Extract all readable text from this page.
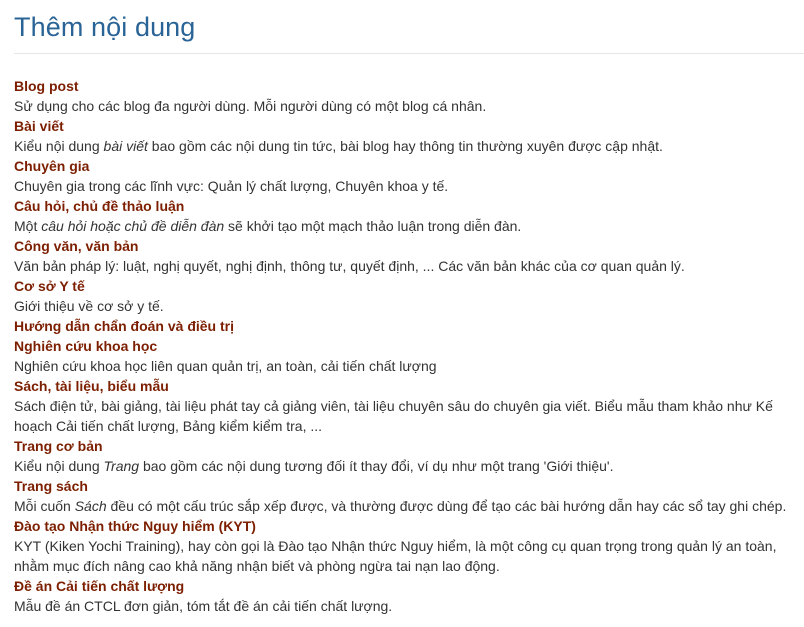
Thêm nội dung
Blog post
Sử dụng cho các blog đa người dùng. Mỗi người dùng có một blog cá nhân.
Bài viết
Kiểu nội dung bài viết bao gồm các nội dung tin tức, bài blog hay thông tin thường xuyên được cập nhật.
Chuyên gia
Chuyên gia trong các lĩnh vực: Quản lý chất lượng, Chuyên khoa y tế.
Câu hỏi, chủ đề thảo luận
Một câu hỏi hoặc chủ đề diễn đàn sẽ khởi tạo một mạch thảo luận trong diễn đàn.
Công văn, văn bản
Văn bản pháp lý: luật, nghị quyết, nghị định, thông tư, quyết định, ... Các văn bản khác của cơ quan quản lý.
Cơ sở Y tế
Giới thiệu về cơ sở y tế.
Hướng dẫn chẩn đoán và điều trị
Nghiên cứu khoa học
Nghiên cứu khoa học liên quan quản trị, an toàn, cải tiến chất lượng
Sách, tài liệu, biểu mẫu
Sách điện tử, bài giảng, tài liệu phát tay cả giảng viên, tài liệu chuyên sâu do chuyên gia viết. Biểu mẫu tham khảo như Kế hoạch Cải tiến chất lượng, Bảng kiểm kiểm tra, ...
Trang cơ bản
Kiểu nội dung Trang bao gồm các nội dung tương đối ít thay đổi, ví dụ như một trang 'Giới thiệu'.
Trang sách
Mỗi cuốn Sách đều có một cấu trúc sắp xếp được, và thường được dùng để tạo các bài hướng dẫn hay các sổ tay ghi chép.
Đào tạo Nhận thức Nguy hiểm (KYT)
KYT (Kiken Yochi Training), hay còn gọi là Đào tạo Nhận thức Nguy hiểm, là một công cụ quan trọng trong quản lý an toàn, nhằm mục đích nâng cao khả năng nhận biết và phòng ngừa tai nạn lao động.
Đề án Cải tiến chất lượng
Mẫu đề án CTCL đơn giản, tóm tắt đề án cải tiến chất lượng.
